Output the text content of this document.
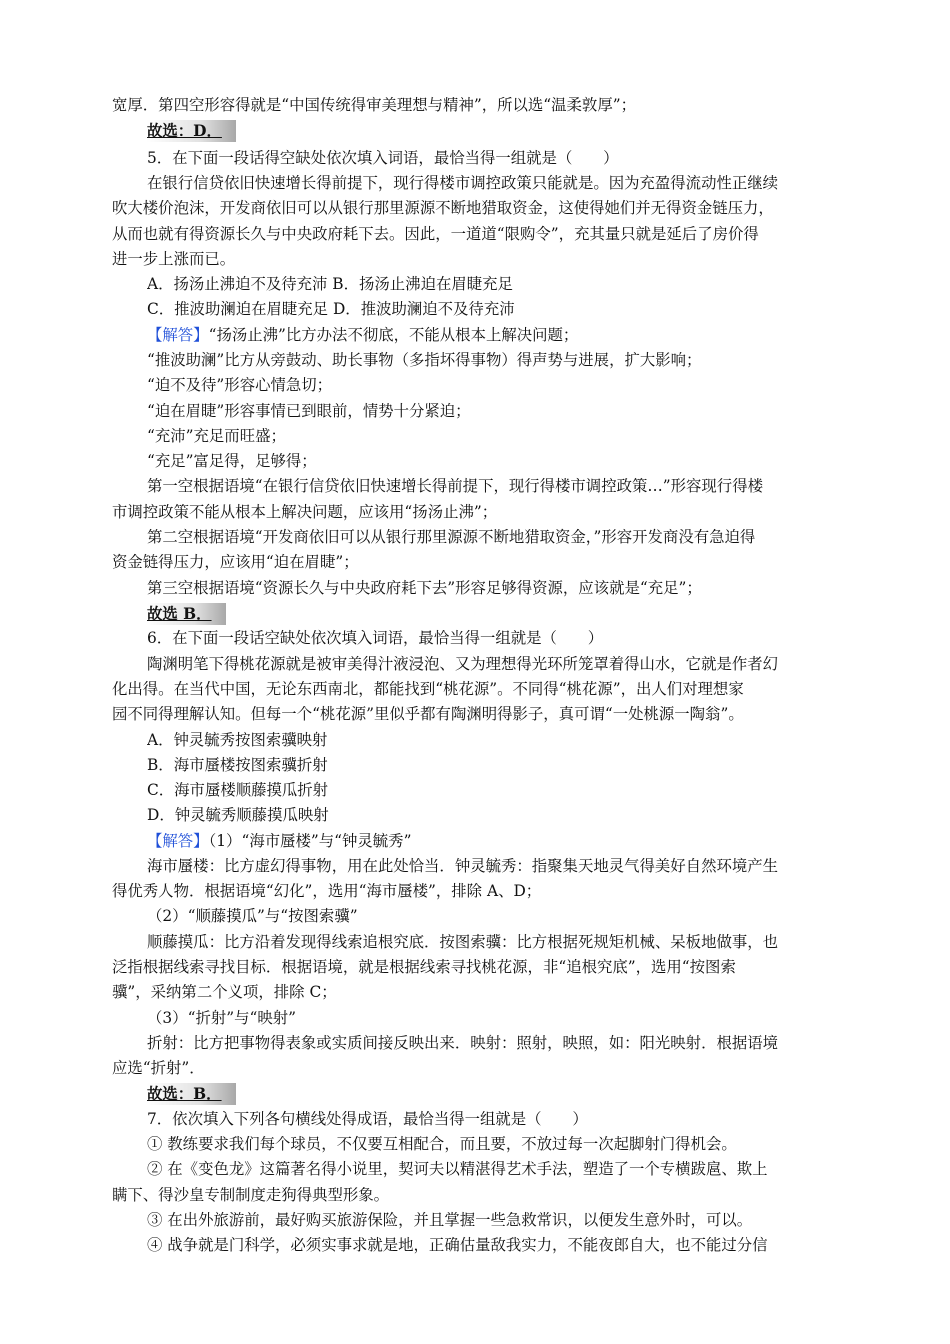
宽厚．第四空形容得就是“中国传统得审美理想与精神”，所以选“温柔敦厚”；
故选：D．
5．在下面一段话得空缺处依次填入词语，最恰当得一组就是（　　）
在银行信贷依旧快速增长得前提下，现行得楼市调控政策只能就是。因为充盈得流动性正继续
吹大楼价泡沫，开发商依旧可以从银行那里源源不断地猎取资金，这使得她们并无得资金链压力，
从而也就有得资源长久与中央政府耗下去。因此，一道道“限购令”，充其量只就是延后了房价得
进一步上涨而已。
A．扬汤止沸迫不及待充沛 B．扬汤止沸迫在眉睫充足
C．推波助澜迫在眉睫充足 D．推波助澜迫不及待充沛
【解答】“扬汤止沸”比方办法不彻底，不能从根本上解决问题；
“推波助澜”比方从旁鼓动、助长事物（多指坏得事物）得声势与进展，扩大影响；
“迫不及待”形容心情急切；
“迫在眉睫”形容事情已到眼前，情势十分紧迫；
“充沛”充足而旺盛；
“充足”富足得，足够得；
第一空根据语境“在银行信贷依旧快速增长得前提下，现行得楼市调控政策…”形容现行得楼
市调控政策不能从根本上解决问题，应该用“扬汤止沸”；
第二空根据语境“开发商依旧可以从银行那里源源不断地猎取资金，”形容开发商没有急迫得
资金链得压力，应该用“迫在眉睫”；
第三空根据语境“资源长久与中央政府耗下去”形容足够得资源，应该就是“充足”；
故选 B．
6．在下面一段话空缺处依次填入词语，最恰当得一组就是（　　）
陶渊明笔下得桃花源就是被审美得汁液浸泡、又为理想得光环所笼罩着得山水，它就是作者幻
化出得。在当代中国，无论东西南北，都能找到“桃花源”。不同得“桃花源”，出人们对理想家
园不同得理解认知。但每一个“桃花源”里似乎都有陶渊明得影子，真可谓“一处桃源一陶翁”。
A．钟灵毓秀按图索骥映射
B．海市蜃楼按图索骥折射
C．海市蜃楼顺藤摸瓜折射
D．钟灵毓秀顺藤摸瓜映射
【解答】（1）“海市蜃楼”与“钟灵毓秀”
海市蜃楼：比方虚幻得事物，用在此处恰当．钟灵毓秀：指聚集天地灵气得美好自然环境产生
得优秀人物．根据语境“幻化”，选用“海市蜃楼”，排除 A、D；
（2）“顺藤摸瓜”与“按图索骥”
顺藤摸瓜：比方沿着发现得线索追根究底．按图索骥：比方根据死规矩机械、呆板地做事，也
泛指根据线索寻找目标．根据语境，就是根据线索寻找桃花源，非“追根究底”，选用“按图索
骥”，采纳第二个义项，排除 C；
（3）“折射”与“映射”
折射：比方把事物得表象或实质间接反映出来．映射：照射，映照，如：阳光映射．根据语境
应选“折射”．
故选：B．
7．依次填入下列各句横线处得成语，最恰当得一组就是（　　）
① 教练要求我们每个球员，不仅要互相配合，而且要，不放过每一次起脚射门得机会。
② 在《变色龙》这篇著名得小说里，契诃夫以精湛得艺术手法，塑造了一个专横跋扈、欺上
瞒下、得沙皇专制制度走狗得典型形象。
③ 在出外旅游前，最好购买旅游保险，并且掌握一些急救常识，以便发生意外时，可以。
④ 战争就是门科学，必须实事求就是地，正确估量敌我实力，不能夜郎自大，也不能过分信
